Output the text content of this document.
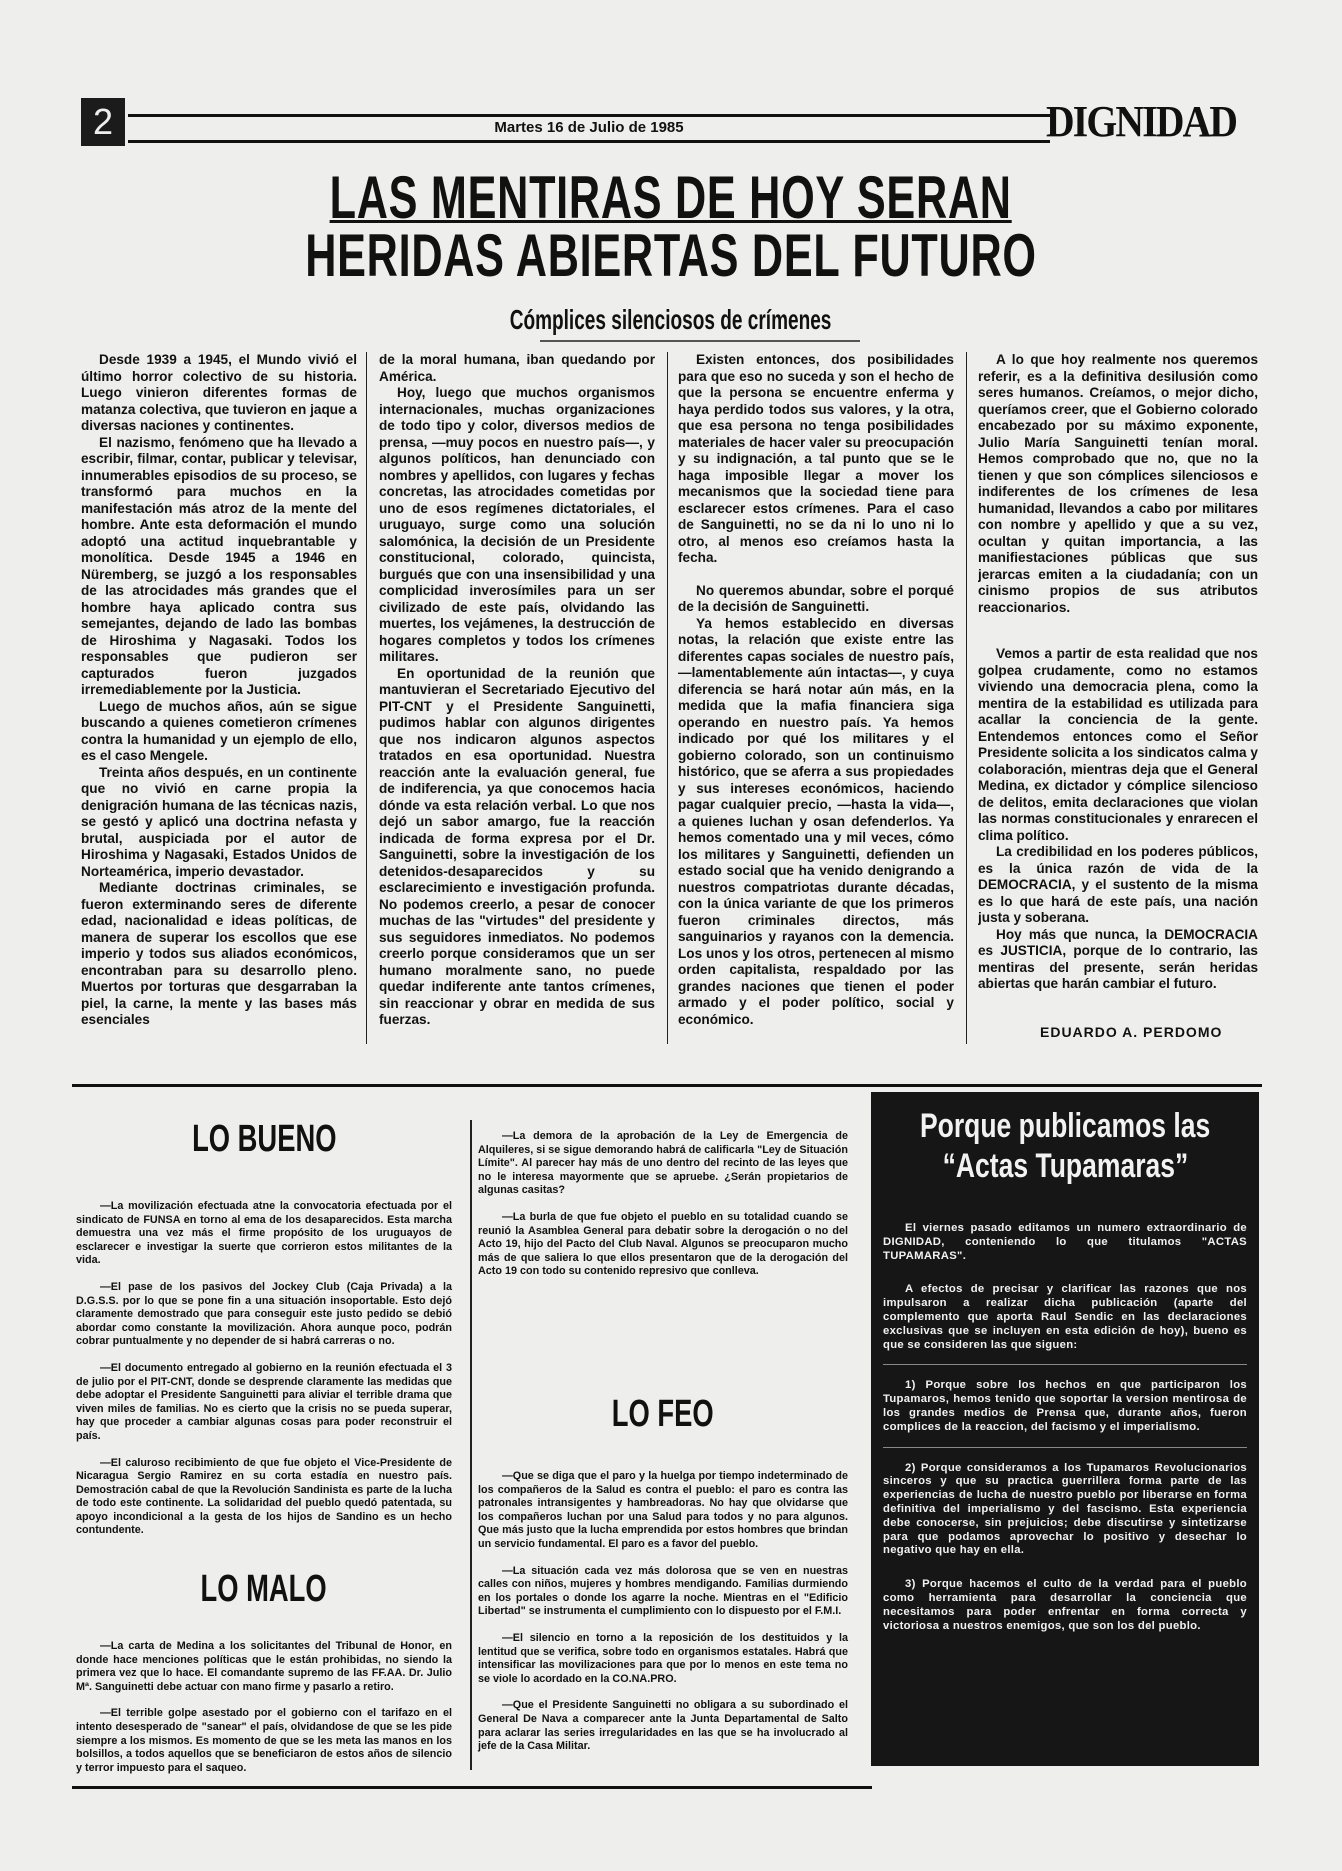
2	Martes 16 de Julio de 1985	DIGNIDAD
LAS MENTIRAS DE HOY SERAN
HERIDAS ABIERTAS DEL FUTURO
Cómplices silenciosos de crímenes

Desde 1939 a 1945, el Mundo vivió el último horror colectivo de su historia. Luego vinieron diferentes formas de matanza colectiva, que tuvieron en jaque a diversas naciones y continentes.

El nazismo, fenómeno que ha llevado a escribir, filmar, contar, publicar y televisar, innumerables episodios de su proceso, se transformó para muchos en la manifestación más atroz de la mente del hombre. Ante esta deformación el mundo adoptó una actitud inquebrantable y monolítica. Desde 1945 a 1946 en Nüremberg, se juzgó a los responsables de las atrocidades más grandes que el hombre haya aplicado contra sus semejantes, dejando de lado las bombas de Hiroshima y Nagasaki. Todos los responsables que pudieron ser capturados fueron juzgados irremediablemente por la Justicia.

Luego de muchos años, aún se sigue buscando a quienes cometieron crímenes contra la humanidad y un ejemplo de ello, es el caso Mengele.

Treinta años después, en un continente que no vivió en carne propia la denigración humana de las técnicas nazis, se gestó y aplicó una doctrina nefasta y brutal, auspiciada por el autor de Hiroshima y Nagasaki, Estados Unidos de Norteamérica, imperio devastador.

Mediante doctrinas criminales, se fueron exterminando seres de diferente edad, nacionalidad e ideas políticas, de manera de superar los escollos que ese imperio y todos sus aliados económicos, encontraban para su desarrollo pleno. Muertos por torturas que desgarraban la piel, la carne, la mente y las bases más esenciales

de la moral humana, iban quedando por América.

Hoy, luego que muchos organismos internacionales, muchas organizaciones de todo tipo y color, diversos medios de prensa, —muy pocos en nuestro país—, y algunos políticos, han denunciado con nombres y apellidos, con lugares y fechas concretas, las atrocidades cometidas por uno de esos regímenes dictatoriales, el uruguayo, surge como una solución salomónica, la decisión de un Presidente constitucional, colorado, quincista, burgués que con una insensibilidad y una complicidad inverosímiles para un ser civilizado de este país, olvidando las muertes, los vejámenes, la destrucción de hogares completos y todos los crímenes militares.

En oportunidad de la reunión que mantuvieran el Secretariado Ejecutivo del PIT-CNT y el Presidente Sanguinetti, pudimos hablar con algunos dirigentes que nos indicaron algunos aspectos tratados en esa oportunidad. Nuestra reacción ante la evaluación general, fue de indiferencia, ya que conocemos hacia dónde va esta relación verbal. Lo que nos dejó un sabor amargo, fue la reacción indicada de forma expresa por el Dr. Sanguinetti, sobre la investigación de los detenidos-desaparecidos y su esclarecimiento e investigación profunda. No podemos creerlo, a pesar de conocer muchas de las "virtudes" del presidente y sus seguidores inmediatos. No podemos creerlo porque consideramos que un ser humano moralmente sano, no puede quedar indiferente ante tantos crímenes, sin reaccionar y obrar en medida de sus fuerzas.

Existen entonces, dos posibilidades para que eso no suceda y son el hecho de que la persona se encuentre enferma y haya perdido todos sus valores, y la otra, que esa persona no tenga posibilidades materiales de hacer valer su preocupación y su indignación, a tal punto que se le haga imposible llegar a mover los mecanismos que la sociedad tiene para esclarecer estos crímenes. Para el caso de Sanguinetti, no se da ni lo uno ni lo otro, al menos eso creíamos hasta la fecha.

No queremos abundar, sobre el porqué de la decisión de Sanguinetti.

Ya hemos establecido en diversas notas, la relación que existe entre las diferentes capas sociales de nuestro país, —lamentablemente aún intactas—, y cuya diferencia se hará notar aún más, en la medida que la mafia financiera siga operando en nuestro país. Ya hemos indicado por qué los militares y el gobierno colorado, son un continuismo histórico, que se aferra a sus propiedades y sus intereses económicos, haciendo pagar cualquier precio, —hasta la vida—, a quienes luchan y osan defenderlos. Ya hemos comentado una y mil veces, cómo los militares y Sanguinetti, defienden un estado social que ha venido denigrando a nuestros compatriotas durante décadas, con la única variante de que los primeros fueron criminales directos, más sanguinarios y rayanos con la demencia. Los unos y los otros, pertenecen al mismo orden capitalista, respaldado por las grandes naciones que tienen el poder armado y el poder político, social y económico.

A lo que hoy realmente nos queremos referir, es a la definitiva desilusión como seres humanos. Creíamos, o mejor dicho, queríamos creer, que el Gobierno colorado encabezado por su máximo exponente, Julio María Sanguinetti tenían moral. Hemos comprobado que no, que no la tienen y que son cómplices silenciosos e indiferentes de los crímenes de lesa humanidad, llevandos a cabo por militares con nombre y apellido y que a su vez, ocultan y quitan importancia, a las manifiestaciones públicas que sus jerarcas emiten a la ciudadanía; con un cinismo propios de sus atributos reaccionarios.

Vemos a partir de esta realidad que nos golpea crudamente, como no estamos viviendo una democracia plena, como la mentira de la estabilidad es utilizada para acallar la conciencia de la gente. Entendemos entonces como el Señor Presidente solicita a los sindicatos calma y colaboración, mientras deja que el General Medina, ex dictador y cómplice silencioso de delitos, emita declaraciones que violan las normas constitucionales y enrarecen el clima político.

La credibilidad en los poderes públicos, es la única razón de vida de la DEMOCRACIA, y el sustento de la misma es lo que hará de este país, una nación justa y soberana.

Hoy más que nunca, la DEMOCRACIA es JUSTICIA, porque de lo contrario, las mentiras del presente, serán heridas abiertas que harán cambiar el futuro.

EDUARDO A. PERDOMO
LO BUENO

—La movilización efectuada atne la convocatoria efectuada por el sindicato de FUNSA en torno al ema de los desaparecidos. Esta marcha demuestra una vez más el firme propósito de los uruguayos de esclarecer e investigar la suerte que corrieron estos militantes de la vida.

—El pase de los pasivos del Jockey Club (Caja Privada) a la D.G.S.S. por lo que se pone fin a una situación insoportable. Esto dejó claramente demostrado que para conseguir este justo pedido se debió abordar como constante la movilización. Ahora aunque poco, podrán cobrar puntualmente y no depender de si habrá carreras o no.

—El documento entregado al gobierno en la reunión efectuada el 3 de julio por el PIT-CNT, donde se desprende claramente las medidas que debe adoptar el Presidente Sanguinetti para aliviar el terrible drama que viven miles de familias. No es cierto que la crisis no se pueda superar, hay que proceder a cambiar algunas cosas para poder reconstruir el país.

—El caluroso recibimiento de que fue objeto el Vice-Presidente de Nicaragua Sergio Ramirez en su corta estadía en nuestro país. Demostración cabal de que la Revolución Sandinista es parte de la lucha de todo este continente. La solidaridad del pueblo quedó patentada, su apoyo incondicional a la gesta de los hijos de Sandino es un hecho contundente.

LO MALO

—La carta de Medina a los solicitantes del Tribunal de Honor, en donde hace menciones políticas que le están prohibidas, no siendo la primera vez que lo hace. El comandante supremo de las FF.AA. Dr. Julio Mª. Sanguinetti debe actuar con mano firme y pasarlo a retiro.

—El terrible golpe asestado por el gobierno con el tarifazo en el intento desesperado de "sanear" el país, olvidandose de que se les pide siempre a los mismos. Es momento de que se les meta las manos en los bolsillos, a todos aquellos que se beneficiaron de estos años de silencio y terror impuesto para el saqueo.

—La demora de la aprobación de la Ley de Emergencia de Alquileres, si se sigue demorando habrá de calificarla "Ley de Situación Límite". Al parecer hay más de uno dentro del recinto de las leyes que no le interesa mayormente que se apruebe. ¿Serán propietarios de algunas casitas?

—La burla de que fue objeto el pueblo en su totalidad cuando se reunió la Asamblea General para debatir sobre la derogación o no del Acto 19, hijo del Pacto del Club Naval. Algunos se preocuparon mucho más de que saliera lo que ellos presentaron que de la derogación del Acto 19 con todo su contenido represivo que conlleva.

LO FEO

—Que se diga que el paro y la huelga por tiempo indeterminado de los compañeros de la Salud es contra el pueblo: el paro es contra las patronales intransigentes y hambreadoras. No hay que olvidarse que los compañeros luchan por una Salud para todos y no para algunos. Que más justo que la lucha emprendida por estos hombres que brindan un servicio fundamental. El paro es a favor del pueblo.

—La situación cada vez más dolorosa que se ven en nuestras calles con niños, mujeres y hombres mendigando. Familias durmiendo en los portales o donde los agarre la noche. Mientras en el "Edificio Libertad" se instrumenta el cumplimiento con lo dispuesto por el F.M.I.

—El silencio en torno a la reposición de los destituidos y la lentitud que se verifica, sobre todo en organismos estatales. Habrá que intensificar las movilizaciones para que por lo menos en este tema no se viole lo acordado en la CO.NA.PRO.

—Que el Presidente Sanguinetti no obligara a su subordinado el General De Nava a comparecer ante la Junta Departamental de Salto para aclarar las series irregularidades en las que se ha involucrado al jefe de la Casa Militar.

Porque publicamos las
“Actas Tupamaras”

El viernes pasado editamos un numero extraordinario de DIGNIDAD, conteniendo lo que titulamos "ACTAS TUPAMARAS".

A efectos de precisar y clarificar las razones que nos impulsaron a realizar dicha publicación (aparte del complemento que aporta Raul Sendic en las declaraciones exclusivas que se incluyen en esta edición de hoy), bueno es que se consideren las que siguen:

1) Porque sobre los hechos en que participaron los Tupamaros, hemos tenido que soportar la version mentirosa de los grandes medios de Prensa que, durante años, fueron complices de la reaccion, del facismo y el imperialismo.

2) Porque consideramos a los Tupamaros Revolucionarios sinceros y que su practica guerrillera forma parte de las experiencias de lucha de nuestro pueblo por liberarse en forma definitiva del imperialismo y del fascismo. Esta experiencia debe conocerse, sin prejuicios; debe discutirse y sintetizarse para que podamos aprovechar lo positivo y desechar lo negativo que hay en ella.

3) Porque hacemos el culto de la verdad para el pueblo como herramienta para desarrollar la conciencia que necesitamos para poder enfrentar en forma correcta y victoriosa a nuestros enemigos, que son los del pueblo.
